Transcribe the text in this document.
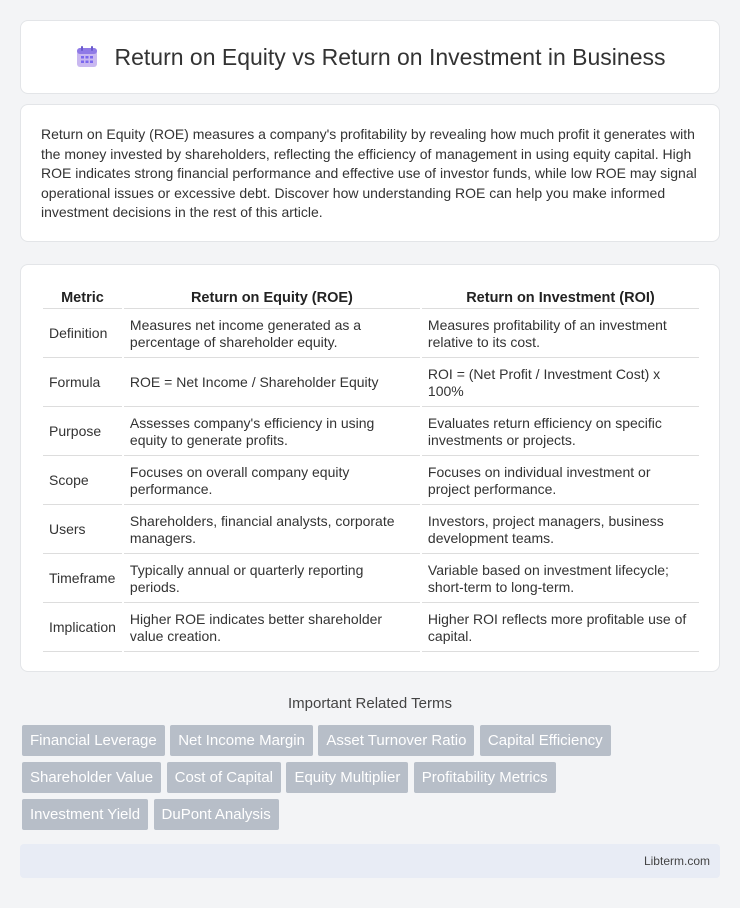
Return on Equity vs Return on Investment in Business

Return on Equity (ROE) measures a company's profitability by revealing how much profit it generates with the money invested by shareholders, reflecting the efficiency of management in using equity capital. High ROE indicates strong financial performance and effective use of investor funds, while low ROE may signal operational issues or excessive debt. Discover how understanding ROE can help you make informed investment decisions in the rest of this article.

Metric	Return on Equity (ROE)	Return on Investment (ROI)
Definition	Measures net income generated as a percentage of shareholder equity.	Measures profitability of an investment relative to its cost.
Formula	ROE = Net Income / Shareholder Equity	ROI = (Net Profit / Investment Cost) x 100%
Purpose	Assesses company's efficiency in using equity to generate profits.	Evaluates return efficiency on specific investments or projects.
Scope	Focuses on overall company equity performance.	Focuses on individual investment or project performance.
Users	Shareholders, financial analysts, corporate managers.	Investors, project managers, business development teams.
Timeframe	Typically annual or quarterly reporting periods.	Variable based on investment lifecycle; short-term to long-term.
Implication	Higher ROE indicates better shareholder value creation.	Higher ROI reflects more profitable use of capital.
Important Related Terms
Financial Leverage Net Income Margin Asset Turnover Ratio Capital Efficiency
Shareholder Value Cost of Capital Equity Multiplier Profitability Metrics
Investment Yield DuPont Analysis
Libterm.com
